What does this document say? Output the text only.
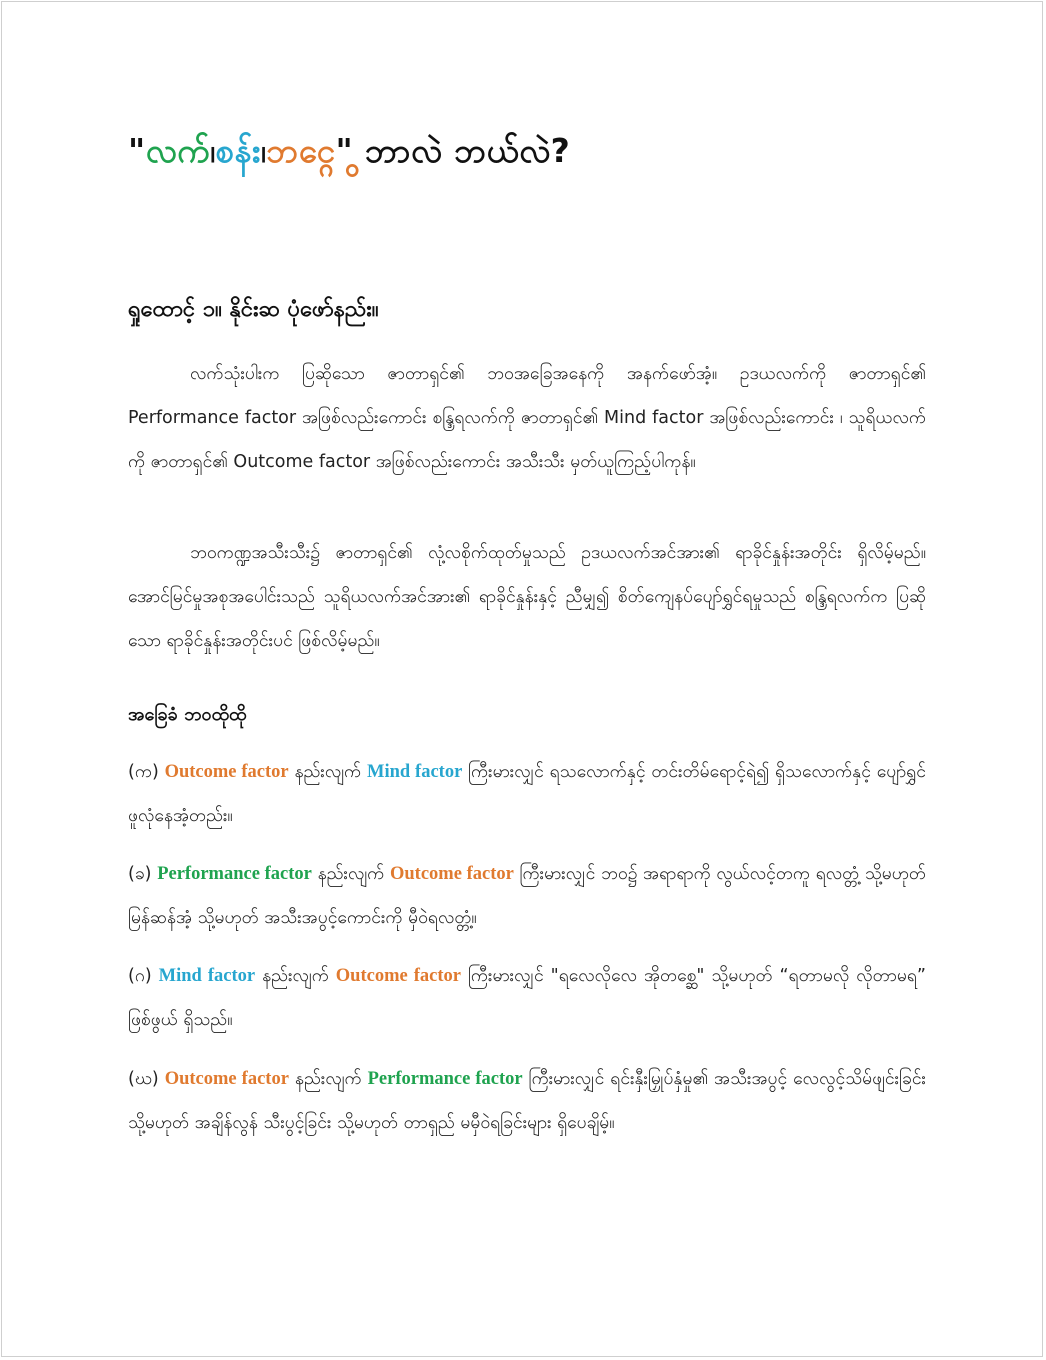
"လက်၊စန်း၊ဘင္ဂွေ" ဘာလဲ ဘယ်လဲ?
ရှုထောင့် ၁။ နိုင်းဆ ပုံဖော်နည်း။
လက်သုံးပါးက ပြဆိုသော ဇာတာရှင်၏ ဘဝအခြေအနေကို အနက်ဖော်အံ့။ ဥဒယလက်ကို ဇာတာရှင်၏ Performance factor အဖြစ်လည်းကောင်း စန္ဒြရလက်ကို ဇာတာရှင်၏ Mind factor အဖြစ်လည်းကောင်း ၊ သူရိယလက်ကို ဇာတာရှင်၏ Outcome factor အဖြစ်လည်းကောင်း အသီးသီး မှတ်ယူကြည့်ပါကုန်။
ဘဝကဏ္ဍအသီးသီး၌ ဇာတာရှင်၏ လုံ့လစိုက်ထုတ်မှုသည် ဥဒယလက်အင်အား၏ ရာခိုင်နှုန်းအတိုင်း ရှိလိမ့်မည်။ အောင်မြင်မှုအစုအပေါင်းသည် သူရိယလက်အင်အား၏ ရာခိုင်နှုန်းနှင့် ညီမျှ၍ စိတ်ကျေနပ်ပျော်ရွှင်ရမှုသည် စန္ဒြရလက်က ပြဆိုသော ရာခိုင်နှုန်းအတိုင်းပင် ဖြစ်လိမ့်မည်။
အခြေခံ ဘဝထိုထို
(က) Outcome factor နည်းလျက် Mind factor ကြီးမားလျှင် ရသလောက်နှင့် တင်းတိမ်ရောင့်ရဲ၍ ရှိသလောက်နှင့် ပျော်ရွှင်ဖူလုံနေအံ့တည်း။
(ခ) Performance factor နည်းလျက် Outcome factor ကြီးမားလျှင် ဘဝ၌ အရာရာကို လွယ်လင့်တကူ ရလတ္တံ့ သို့မဟုတ် မြန်ဆန်အံ့ သို့မဟုတ် အသီးအပွင့်ကောင်းကို မှီဝဲရလတ္တံ့။
(ဂ) Mind factor နည်းလျက် Outcome factor ကြီးမားလျှင် "ရလေလိုလေ အိုတစ္ဆေ" သို့မဟုတ် “ရတာမလို လိုတာမရ” ဖြစ်ဖွယ် ရှိသည်။
(ဃ) Outcome factor နည်းလျက် Performance factor ကြီးမားလျှင် ရင်းနှီးမြှုပ်နှံမှု၏ အသီးအပွင့် လေလွင့်သိမ်ဖျင်းခြင်း သို့မဟုတ် အချိန်လွန် သီးပွင့်ခြင်း သို့မဟုတ် တာရှည် မမှီဝဲရခြင်းများ ရှိပေချိမ့်။
